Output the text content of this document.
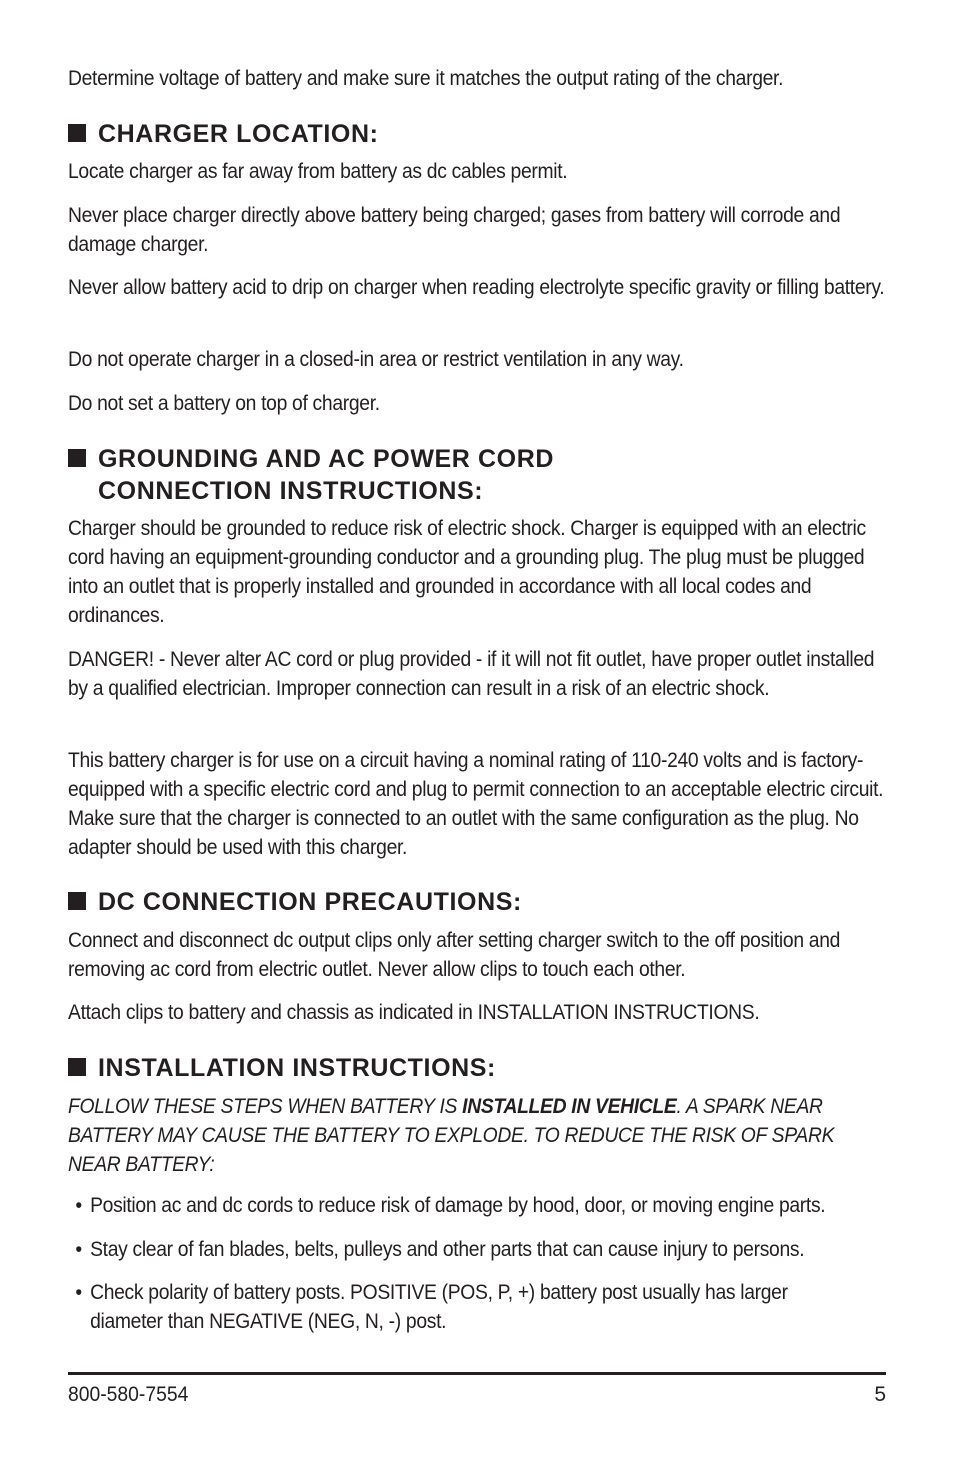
Determine voltage of battery and make sure it matches the output rating of the charger.

CHARGER LOCATION:

Locate charger as far away from battery as dc cables permit.

Never place charger directly above battery being charged; gases from battery will corrode and damage charger.

Never allow battery acid to drip on charger when reading electrolyte specific gravity or filling battery.

Do not operate charger in a closed-in area or restrict ventilation in any way.

Do not set a battery on top of charger.

GROUNDING AND AC POWER CORD
CONNECTION INSTRUCTIONS:

Charger should be grounded to reduce risk of electric shock. Charger is equipped with an electric cord having an equipment-grounding conductor and a grounding plug. The plug must be plugged into an outlet that is properly installed and grounded in accordance with all local codes and ordinances.

DANGER! - Never alter AC cord or plug provided - if it will not fit outlet, have proper outlet installed by a qualified electrician. Improper connection can result in a risk of an electric shock.

This battery charger is for use on a circuit having a nominal rating of 110-240 volts and is factory-equipped with a specific electric cord and plug to permit connection to an acceptable electric circuit. Make sure that the charger is connected to an outlet with the same configuration as the plug. No adapter should be used with this charger.

DC CONNECTION PRECAUTIONS:

Connect and disconnect dc output clips only after setting charger switch to the off position and removing ac cord from electric outlet. Never allow clips to touch each other.

Attach clips to battery and chassis as indicated in INSTALLATION INSTRUCTIONS.

INSTALLATION INSTRUCTIONS:

FOLLOW THESE STEPS WHEN BATTERY IS INSTALLED IN VEHICLE. A SPARK NEAR BATTERY MAY CAUSE THE BATTERY TO EXPLODE. TO REDUCE THE RISK OF SPARK NEAR BATTERY:

• Position ac and dc cords to reduce risk of damage by hood, door, or moving engine parts.

• Stay clear of fan blades, belts, pulleys and other parts that can cause injury to persons.

• Check polarity of battery posts. POSITIVE (POS, P, +) battery post usually has larger diameter than NEGATIVE (NEG, N, -) post.

800-580-7554	5
